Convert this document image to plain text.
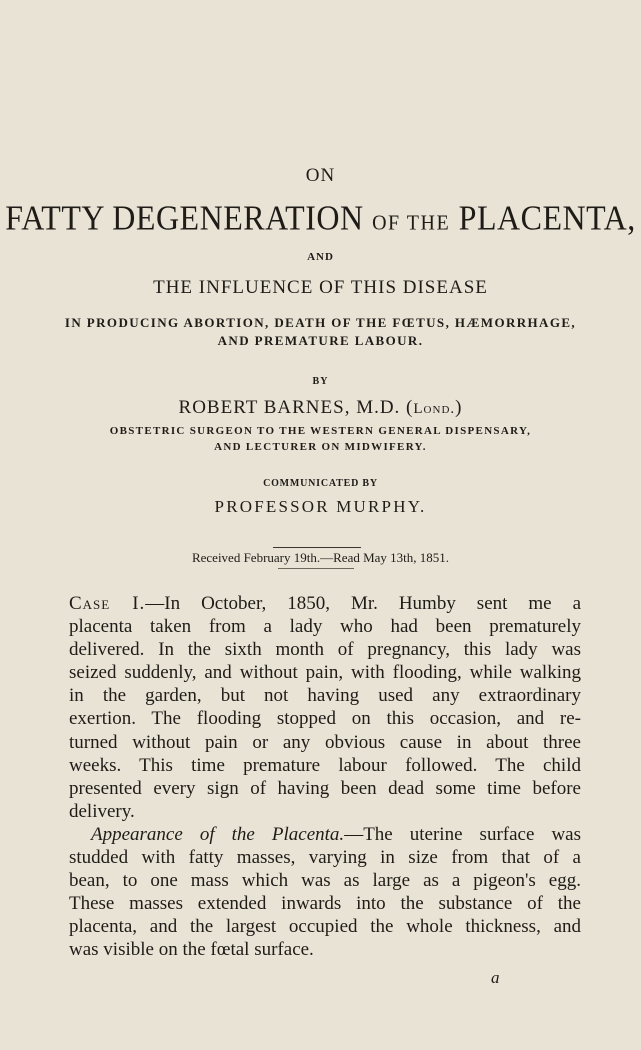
ON
FATTY DEGENERATION OF THE PLACENTA,
AND
THE INFLUENCE OF THIS DISEASE
IN PRODUCING ABORTION, DEATH OF THE FŒTUS, HÆMORRHAGE,
AND PREMATURE LABOUR.
BY
ROBERT BARNES, M.D. (Lond.)
OBSTETRIC SURGEON TO THE WESTERN GENERAL DISPENSARY,
AND LECTURER ON MIDWIFERY.
COMMUNICATED BY
PROFESSOR MURPHY.
Received February 19th.—Read May 13th, 1851.
Case I.—In October, 1850, Mr. Humby sent me a
placenta taken from a lady who had been prematurely
delivered. In the sixth month of pregnancy, this lady was
seized suddenly, and without pain, with flooding, while walking
in the garden, but not having used any extraordinary
exertion. The flooding stopped on this occasion, and re-
turned without pain or any obvious cause in about three
weeks. This time premature labour followed. The child
presented every sign of having been dead some time before
delivery.
Appearance of the Placenta.—The uterine surface was
studded with fatty masses, varying in size from that of a
bean, to one mass which was as large as a pigeon's egg.
These masses extended inwards into the substance of the
placenta, and the largest occupied the whole thickness, and
was visible on the fœtal surface.
a
